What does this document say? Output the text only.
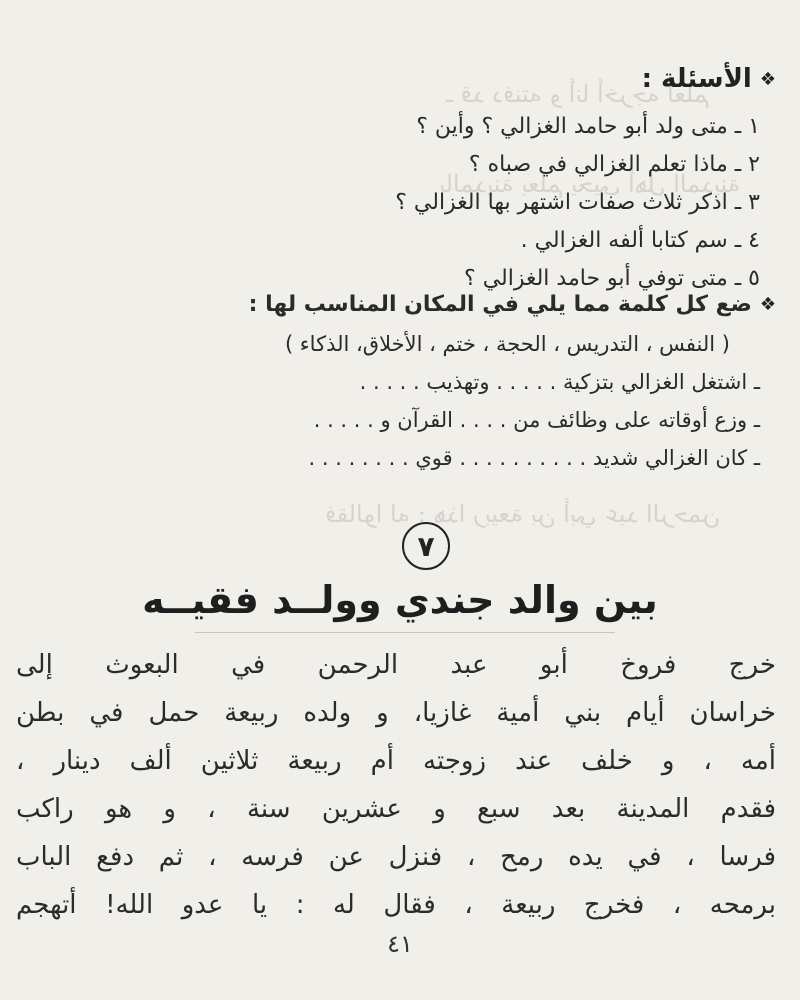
ـ قد دفنته و أنا أخرجه لعلم
بالمدينة بعلم يحيى أهل المدينة
فقالوا له : هذا ربيعة بن أبي عبد الرحمن
❖
الأسئلة :
١ ـ متى ولد أبو حامد الغزالي ؟ وأين ؟
٢ ـ ماذا تعلم الغزالي في صباه ؟
٣ ـ اذكر ثلاث صفات اشتهر بها الغزالي ؟
٤ ـ سم كتابا ألفه الغزالي .
٥ ـ متى توفي أبو حامد الغزالي ؟
❖
ضع كل كلمة مما يلي في المكان المناسب لها :
( النفس ، التدريس ، الحجة ، ختم ، الأخلاق، الذكاء )
ـ اشتغل الغزالي بتزكية . . . . . وتهذيب . . . . .
ـ وزع أوقاته على وظائف من . . . . القرآن و . . . . .
ـ كان الغزالي شديد . . . . . . . . . . قوي . . . . . . . .
٧
بين والد جندي وولــد فقيــه
خرج فروخ أبو عبد الرحمن في البعوث إلى
خراسان أيام بني أمية غازيا، و ولده ربيعة حمل في بطن
أمه ، و خلف عند زوجته أم ربيعة ثلاثين ألف دينار ،
فقدم المدينة بعد سبع و عشرين سنة ، و هو راكب
فرسا ، في يده رمح ، فنزل عن فرسه ، ثم دفع الباب
برمحه ، فخرج ربيعة ، فقال له : يا عدو الله! أتهجم
٤١
